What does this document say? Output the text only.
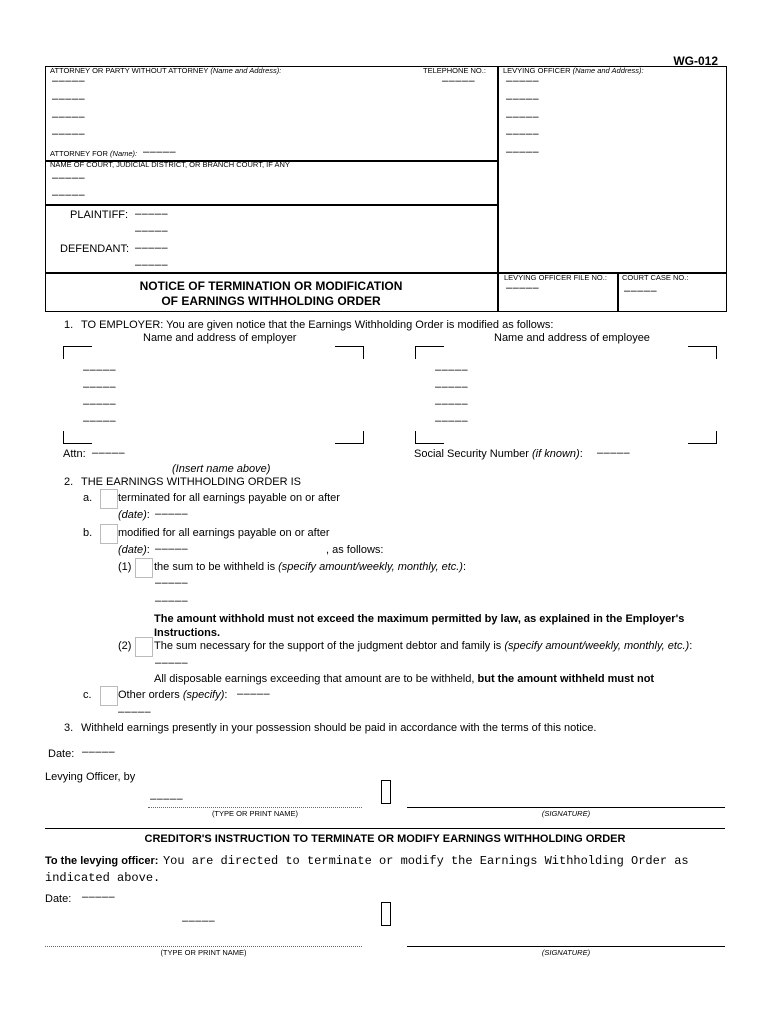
WG-012
ATTORNEY OR PARTY WITHOUT ATTORNEY (Name and Address):	TELEPHONE NO.: LEVYING OFFICER (Name and Address):
–––––
–––––
–––––
–––––
–––––	–––––
–––––
–––––
–––––
–––––
ATTORNEY FOR (Name): –––––
NAME OF COURT, JUDICIAL DISTRICT, OR BRANCH COURT, IF ANY
–––––
–––––
PLAINTIFF: –––––
–––––
DEFENDANT: –––––
–––––
NOTICE OF TERMINATION OR MODIFICATION
OF EARNINGS WITHHOLDING ORDER
LEVYING OFFICER FILE NO.:
–––––
COURT CASE NO.:
–––––
1. TO EMPLOYER: You are given notice that the Earnings Withholding Order is modified as follows:
Name and address of employer	Name and address of employee
–––––
–––––
–––––
–––––
–––––
–––––
–––––
–––––
Attn: –––––
(Insert name above)
Social Security Number (if known): –––––
2. THE EARNINGS WITHHOLDING ORDER IS
a. terminated for all earnings payable on or after
(date): –––––
b. modified for all earnings payable on or after
(date): –––––	, as follows:
(1) the sum to be withheld is (specify amount/weekly, monthly, etc.):
–––––
–––––
The amount withhold must not exceed the maximum permitted by law, as explained in the Employer's Instructions.
(2) The sum necessary for the support of the judgment debtor and family is (specify amount/weekly, monthly, etc.):
–––––
All disposable earnings exceeding that amount are to be withheld, but the amount withheld must not
c. Other orders (specify): –––––
–––––
3. Withheld earnings presently in your possession should be paid in accordance with the terms of this notice.
Date: –––––
Levying Officer, by
–––––
(TYPE OR PRINT NAME)	(SIGNATURE)
CREDITOR'S INSTRUCTION TO TERMINATE OR MODIFY EARNINGS WITHHOLDING ORDER
To the levying officer: You are directed to terminate or modify the Earnings Withholding Order as indicated above.
Date: –––––
–––––
(TYPE OR PRINT NAME)	(SIGNATURE)
